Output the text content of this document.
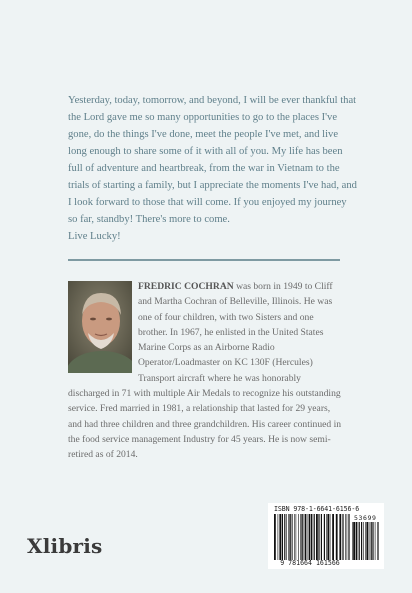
Yesterday, today, tomorrow, and beyond, I will be ever thankful that the Lord gave me so many opportunities to go to the places I've gone, do the things I've done, meet the people I've met, and live long enough to share some of it with all of you. My life has been full of adventure and heartbreak, from the war in Vietnam to the trials of starting a family, but I appreciate the moments I've had, and I look forward to those that will come. If you enjoyed my journey so far, standby! There's more to come.

Live Lucky!

FREDRIC COCHRAN was born in 1949 to Cliff and Martha Cochran of Belleville, Illinois. He was one of four children, with two Sisters and one brother. In 1967, he enlisted in the United States Marine Corps as an Airborne Radio Operator/Loadmaster on KC 130F (Hercules) Transport aircraft where he was honorably discharged in 71 with multiple Air Medals to recognize his outstanding service. Fred married in 1981, a relationship that lasted for 29 years, and had three children and three grandchildren. His career continued in the food service management Industry for 45 years. He is now semi-retired as of 2014.

Xlibris

ISBN 978-1-6641-6156-6
53699
9 781664 161566
